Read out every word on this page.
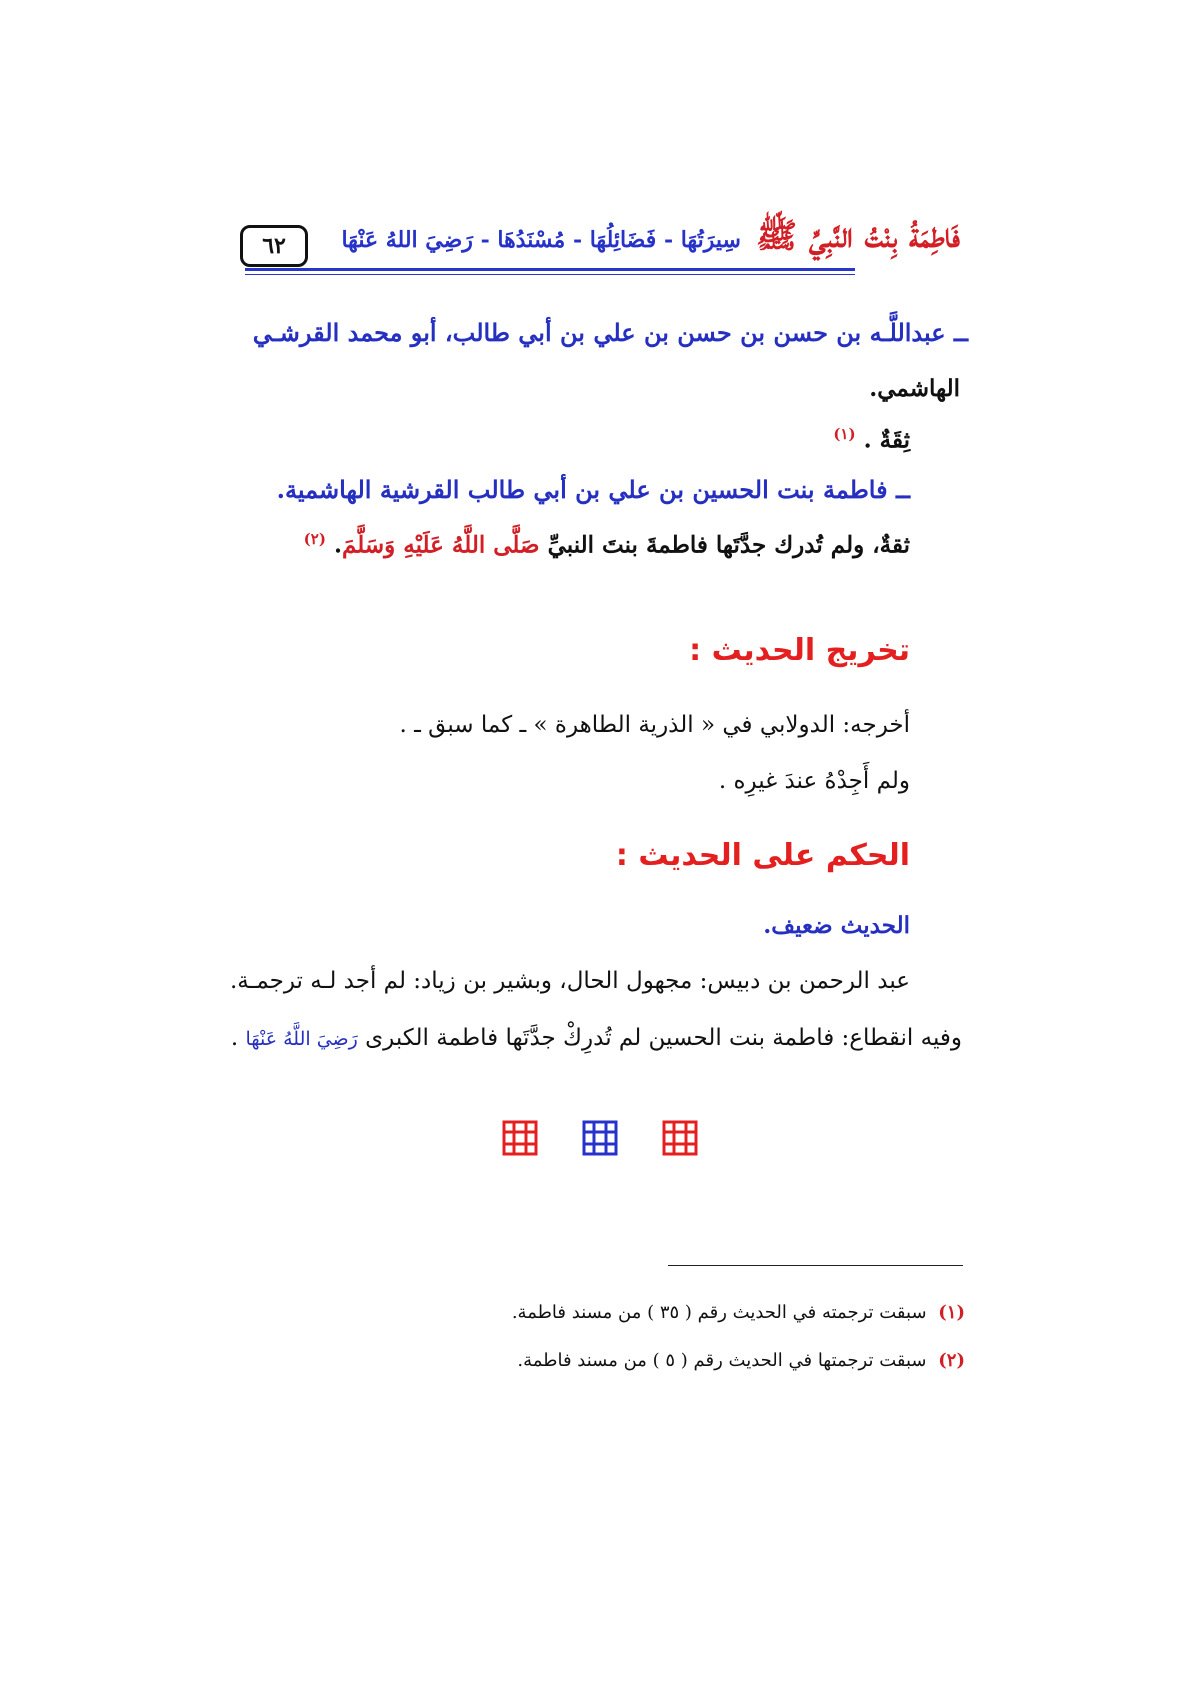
٦٢	فَاطِمَةُ بِنْتُ النَّبِيِّ ﷺ سِيرَتُهَا - فَضَائِلُهَا - مُسْنَدُهَا - رَضِيَ اللهُ عَنْهَا
ــ عبداللَّـه بن حسن بن حسن بن علي بن أبي طالب، أبو محمد القرشـي
الهاشمي.
ثِقَةٌ . $^{(١)}$
ــ فاطمة بنت الحسين بن علي بن أبي طالب القرشية الهاشمية.
ثقةٌ، ولم تُدرك جدَّتَها فاطمةَ بنتَ النبيِّ صَلَّى اللَّهُ عَلَيْهِ وَسَلَّمَ. $^{(٢)}$
تخريج الحديث :
أخرجه: الدولابي في « الذرية الطاهرة » ـ كما سبق ـ .
ولم أَجِدْهُ عندَ غيرِه .
الحكم على الحديث :
الحديث ضعيف.
عبد الرحمن بن دبيس: مجهول الحال، وبشير بن زياد: لم أجد لـه ترجمـة.
وفيه انقطاع: فاطمة بنت الحسين لم تُدرِكْ جدَّتَها فاطمة الكبرى رَضِيَ اللَّهُ عَنْهَا .
(١) سبقت ترجمته في الحديث رقم ( ٣٥ ) من مسند فاطمة.
(٢) سبقت ترجمتها في الحديث رقم ( ٥ ) من مسند فاطمة.
